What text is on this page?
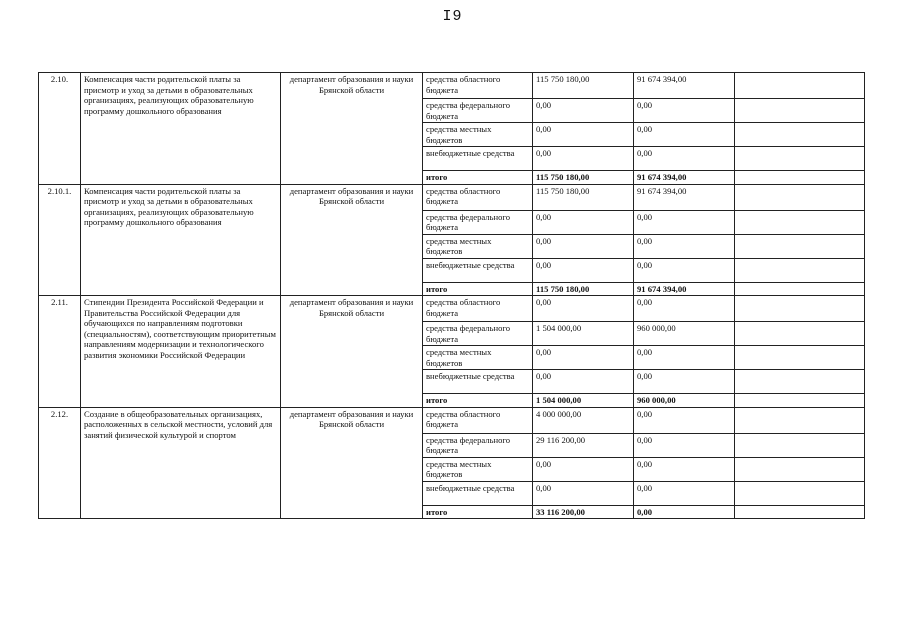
I9
2.10.	Компенсация части родительской платы за присмотр и уход за детьми в образовательных организациях, реализующих образовательную программу дошкольного образования	департамент образования и науки Брянской области	средства областного бюджета	115 750 180,00	91 674 394,00	
			средства федерального бюджета	0,00	0,00	
			средства местных бюджетов	0,00	0,00	
			внебюджетные средства	0,00	0,00	
			итого	115 750 180,00	91 674 394,00	
2.10.1.	Компенсация части родительской платы за присмотр и уход за детьми в образовательных организациях, реализующих образовательную программу дошкольного образования	департамент образования и науки Брянской области	средства областного бюджета	115 750 180,00	91 674 394,00	
			средства федерального бюджета	0,00	0,00	
			средства местных бюджетов	0,00	0,00	
			внебюджетные средства	0,00	0,00	
			итого	115 750 180,00	91 674 394,00	
2.11.	Стипендии Президента Российской Федерации и Правительства Российской Федерации для обучающихся по направлениям подготовки (специальностям), соответствующим приоритетным направлениям модернизации и технологического развития экономики Российской Федерации	департамент образования и науки Брянской области	средства областного бюджета	0,00	0,00	
			средства федерального бюджета	1 504 000,00	960 000,00	
			средства местных бюджетов	0,00	0,00	
			внебюджетные средства	0,00	0,00	
			итого	1 504 000,00	960 000,00	
2.12.	Создание в общеобразовательных организациях, расположенных в сельской местности, условий для занятий физической культурой и спортом	департамент образования и науки Брянской области	средства областного бюджета	4 000 000,00	0,00	
			средства федерального бюджета	29 116 200,00	0,00	
			средства местных бюджетов	0,00	0,00	
			внебюджетные средства	0,00	0,00	
			итого	33 116 200,00	0,00	
